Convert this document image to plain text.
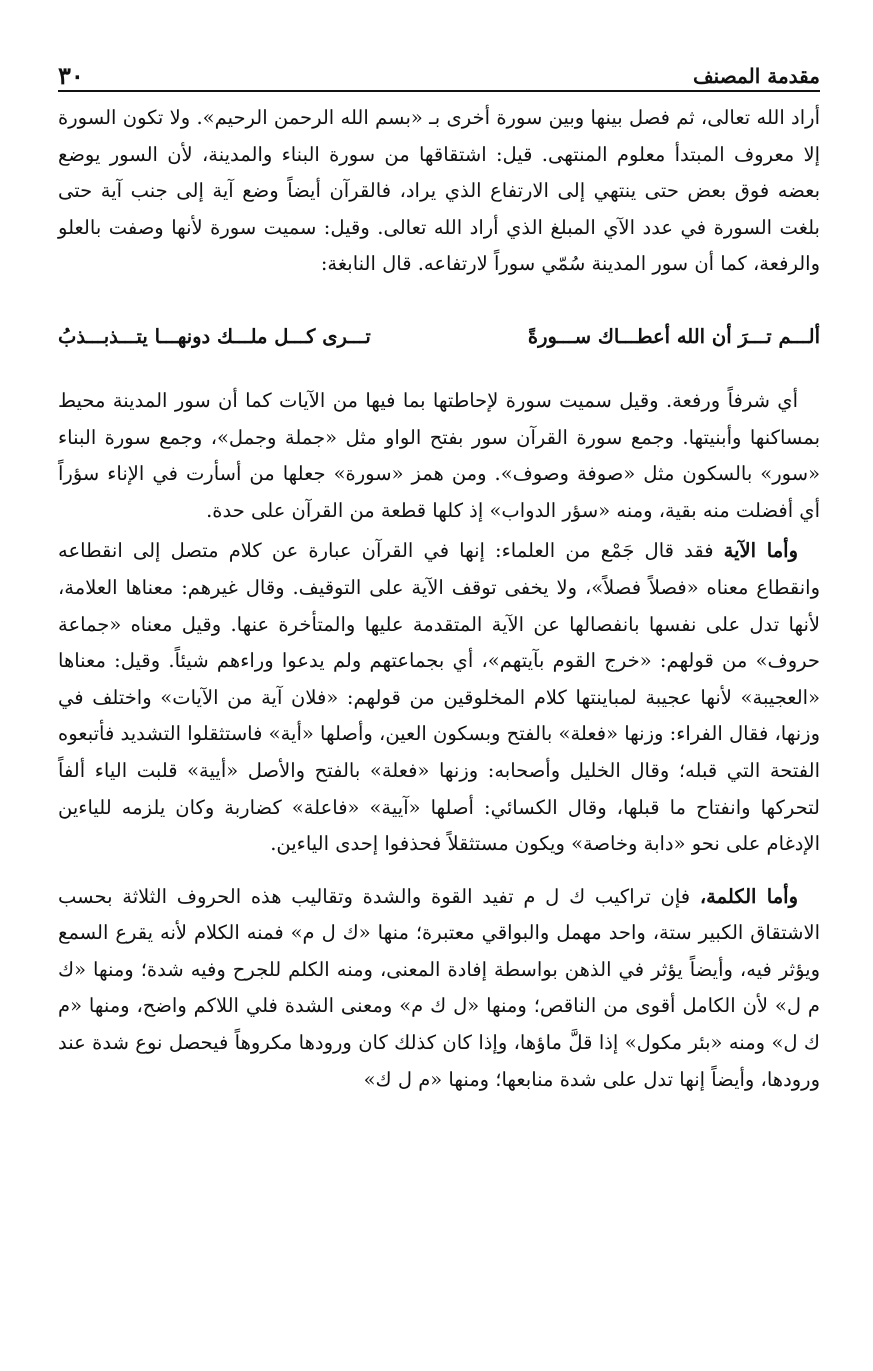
مقدمة المصنف
٣٠

أراد الله تعالى، ثم فصل بينها وبين سورة أخرى بـ «بسم الله الرحمن الرحيم». ولا تكون السورة إلا معروف المبتدأ معلوم المنتهى. قيل: اشتقاقها من سورة البناء والمدينة، لأن السور يوضع بعضه فوق بعض حتى ينتهي إلى الارتفاع الذي يراد، فالقرآن أيضاً وضع آية إلى جنب آية حتى بلغت السورة في عدد الآي المبلغ الذي أراد الله تعالى. وقيل: سميت سورة لأنها وصفت بالعلو والرفعة، كما أن سور المدينة سُمّي سوراً لارتفاعه. قال النابغة:

ألـــم تـــرَ أن الله أعطـــاك ســـورةً
تـــرى كـــل ملـــك دونهـــا يتـــذبـــذبُ

أي شرفاً ورفعة. وقيل سميت سورة لإحاطتها بما فيها من الآيات كما أن سور المدينة محيط بمساكنها وأبنيتها. وجمع سورة القرآن سور بفتح الواو مثل «جملة وجمل»، وجمع سورة البناء «سور» بالسكون مثل «صوفة وصوف». ومن همز «سورة» جعلها من أسأرت في الإناء سؤراً أي أفضلت منه بقية، ومنه «سؤر الدواب» إذ كلها قطعة من القرآن على حدة.

وأما الآية فقد قال جَمْع من العلماء: إنها في القرآن عبارة عن كلام متصل إلى انقطاعه وانقطاع معناه «فصلاً فصلاً»، ولا يخفى توقف الآية على التوقيف. وقال غيرهم: معناها العلامة، لأنها تدل على نفسها بانفصالها عن الآية المتقدمة عليها والمتأخرة عنها. وقيل معناه «جماعة حروف» من قولهم: «خرج القوم بآيتهم»، أي بجماعتهم ولم يدعوا وراءهم شيئاً. وقيل: معناها «العجيبة» لأنها عجيبة لمباينتها كلام المخلوقين من قولهم: «فلان آية من الآيات» واختلف في وزنها، فقال الفراء: وزنها «فعلة» بالفتح وبسكون العين، وأصلها «أية» فاستثقلوا التشديد فأتبعوه الفتحة التي قبله؛ وقال الخليل وأصحابه: وزنها «فعلة» بالفتح والأصل «أيية» قلبت الياء ألفاً لتحركها وانفتاح ما قبلها، وقال الكسائي: أصلها «آيية» «فاعلة» كضاربة وكان يلزمه للياءين الإدغام على نحو «دابة وخاصة» ويكون مستثقلاً فحذفوا إحدى الياءين.

وأما الكلمة، فإن تراكيب ك ل م تفيد القوة والشدة وتقاليب هذه الحروف الثلاثة بحسب الاشتقاق الكبير ستة، واحد مهمل والبواقي معتبرة؛ منها «ك ل م» فمنه الكلام لأنه يقرع السمع ويؤثر فيه، وأيضاً يؤثر في الذهن بواسطة إفادة المعنى، ومنه الكلم للجرح وفيه شدة؛ ومنها «ك م ل» لأن الكامل أقوى من الناقص؛ ومنها «ل ك م» ومعنى الشدة فلي اللاكم واضح، ومنها «م ك ل» ومنه «بئر مكول» إذا قلَّ ماؤها، وإذا كان كذلك كان ورودها مكروهاً فيحصل نوع شدة عند ورودها، وأيضاً إنها تدل على شدة منابعها؛ ومنها «م ل ك»
